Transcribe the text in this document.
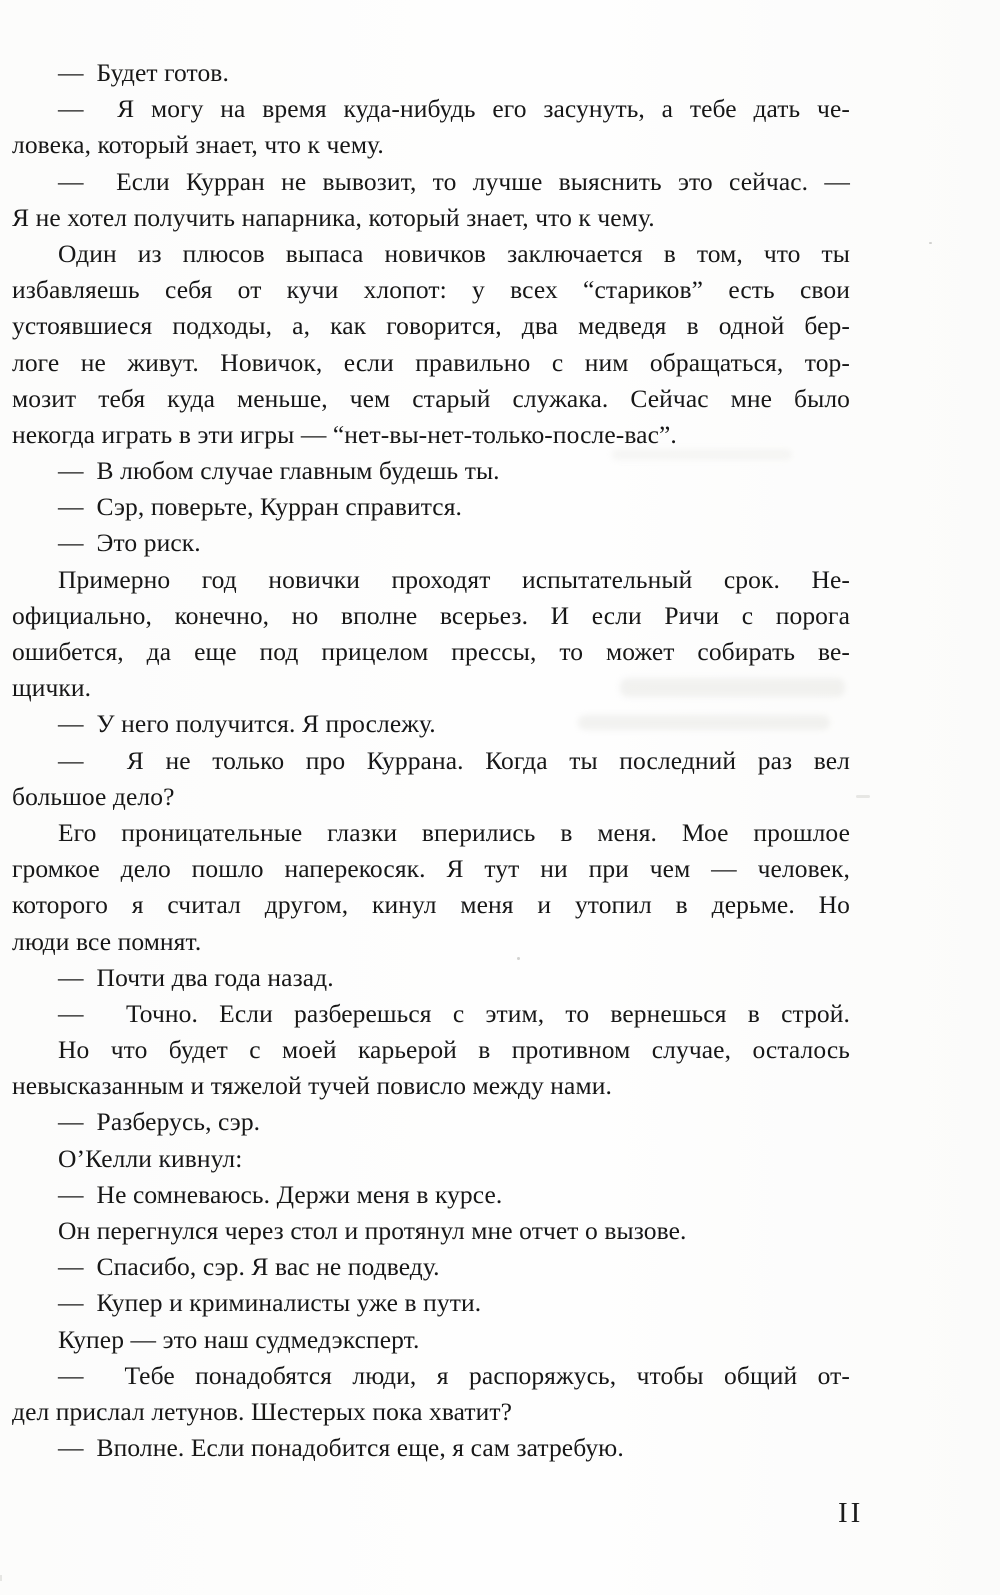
—  Будет готов.
—  Я могу на время куда-нибудь его засунуть, а тебе дать че-
ловека, который знает, что к чему.
—  Если Курран не вывозит, то лучше выяснить это сейчас. —
Я не хотел получить напарника, который знает, что к чему.
Один из плюсов выпаса новичков заключается в том, что ты
избавляешь себя от кучи хлопот: у всех “стариков” есть свои
устоявшиеся подходы, а, как говорится, два медведя в одной бер-
логе не живут. Новичок, если правильно с ним обращаться, тор-
мозит тебя куда меньше, чем старый служака. Сейчас мне было
некогда играть в эти игры — “нет-вы-нет-только-после-вас”.
—  В любом случае главным будешь ты.
—  Сэр, поверьте, Курран справится.
—  Это риск.
Примерно год новички проходят испытательный срок. Не-
официально, конечно, но вполне всерьез. И если Ричи с порога
ошибется, да еще под прицелом прессы, то может собирать ве-
щички.
—  У него получится. Я прослежу.
—  Я не только про Куррана. Когда ты последний раз вел
большое дело?
Его проницательные глазки вперились в меня. Мое прошлое
громкое дело пошло наперекосяк. Я тут ни при чем — человек,
которого я считал другом, кинул меня и утопил в дерьме. Но
люди все помнят.
—  Почти два года назад.
—  Точно. Если разберешься с этим, то вернешься в строй.
Но что будет с моей карьерой в противном случае, осталось
невысказанным и тяжелой тучей повисло между нами.
—  Разберусь, сэр.
О’Келли кивнул:
—  Не сомневаюсь. Держи меня в курсе.
Он перегнулся через стол и протянул мне отчет о вызове.
—  Спасибо, сэр. Я вас не подведу.
—  Купер и криминалисты уже в пути.
Купер — это наш судмедэксперт.
—  Тебе понадобятся люди, я распоряжусь, чтобы общий от-
дел прислал летунов. Шестерых пока хватит?
—  Вполне. Если понадобится еще, я сам затребую.
II
